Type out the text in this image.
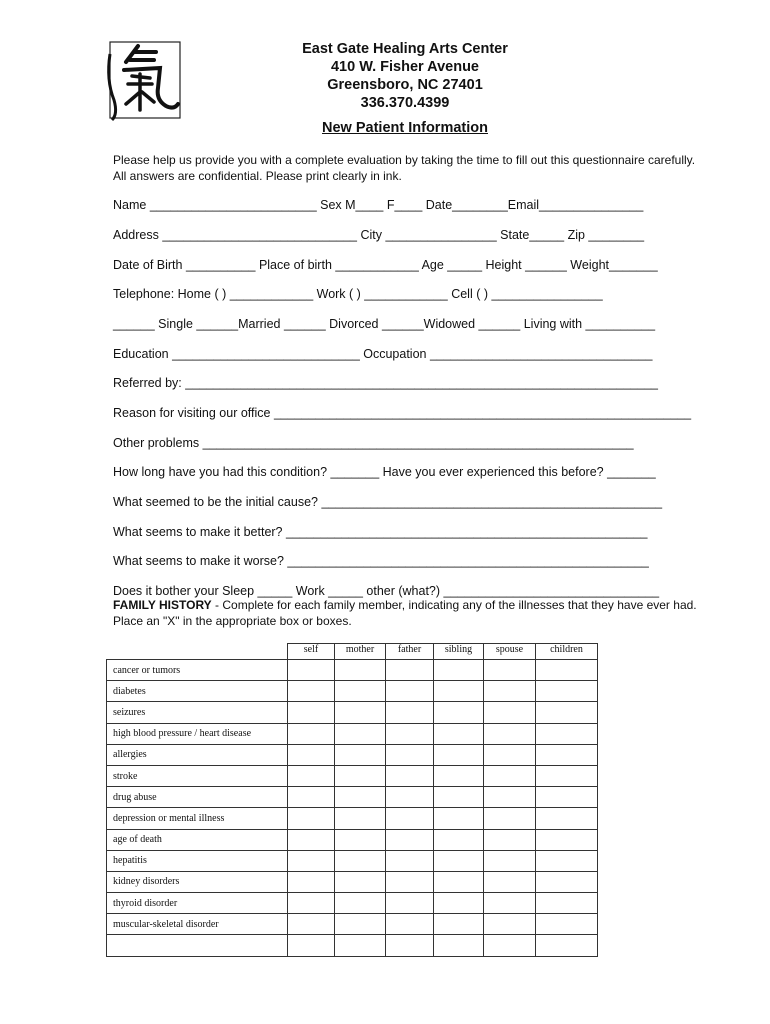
East Gate Healing Arts Center
410 W. Fisher Avenue
Greensboro, NC 27401
336.370.4399
New Patient Information
Please help us provide you with a complete evaluation by taking the time to fill out this questionnaire carefully.
All answers are confidential. Please print clearly in ink.
Name ________________________ Sex M____ F____ Date________Email_______________
Address ____________________________ City ________________ State_____ Zip ________
Date of Birth __________ Place of birth ____________ Age _____ Height ______ Weight_______
Telephone: Home ( ) ____________ Work ( ) ____________ Cell ( ) ________________
______ Single ______Married ______ Divorced ______Widowed ______ Living with __________
Education ___________________________ Occupation ________________________________
Referred by: ____________________________________________________________________
Reason for visiting our office ____________________________________________________________
Other problems ______________________________________________________________
How long have you had this condition? _______ Have you ever experienced this before? _______
What seemed to be the initial cause? _________________________________________________
What seems to make it better? ____________________________________________________
What seems to make it worse? ____________________________________________________
Does it bother your Sleep _____ Work _____ other (what?) _______________________________
FAMILY HISTORY - Complete for each family member, indicating any of the illnesses that they have ever had.
Place an "X" in the appropriate box or boxes.
	self	mother	father	sibling	spouse	children
cancer or tumors						
diabetes						
seizures						
high blood pressure / heart disease						
allergies						
stroke						
drug abuse						
depression or mental illness						
age of death						
hepatitis						
kidney disorders						
thyroid disorder						
muscular-skeletal disorder						
